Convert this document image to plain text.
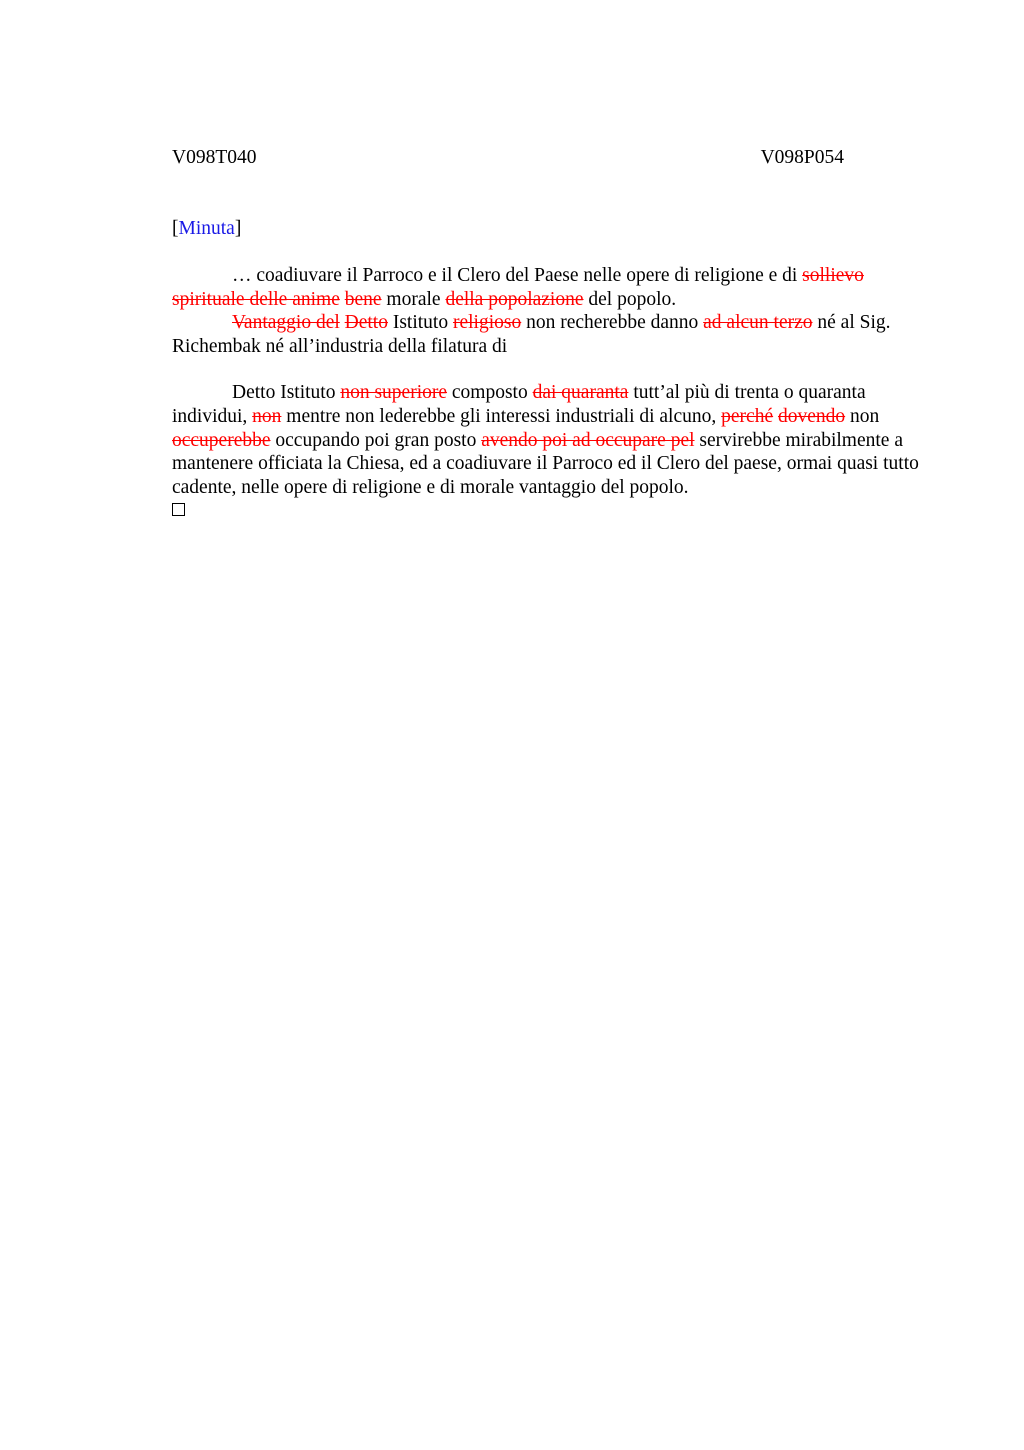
V098T040	V098P054
[Minuta]

… coadiuvare il Parroco e il Clero del Paese nelle opere di religione e di sollievo spirituale delle anime bene morale della popolazione del popolo.

Vantaggio del Detto Istituto religioso non recherebbe danno ad alcun terzo né al Sig. Richembak né all’industria della filatura di

Detto Istituto non superiore composto dai quaranta tutt’al più di trenta o quaranta individui, non mentre non lederebbe gli interessi industriali di alcuno, perché dovendo non occuperebbe occupando poi gran posto avendo poi ad occupare pel servirebbe mirabilmente a mantenere officiata la Chiesa, ed a coadiuvare il Parroco ed il Clero del paese, ormai quasi tutto cadente, nelle opere di religione e di morale vantaggio del popolo.
